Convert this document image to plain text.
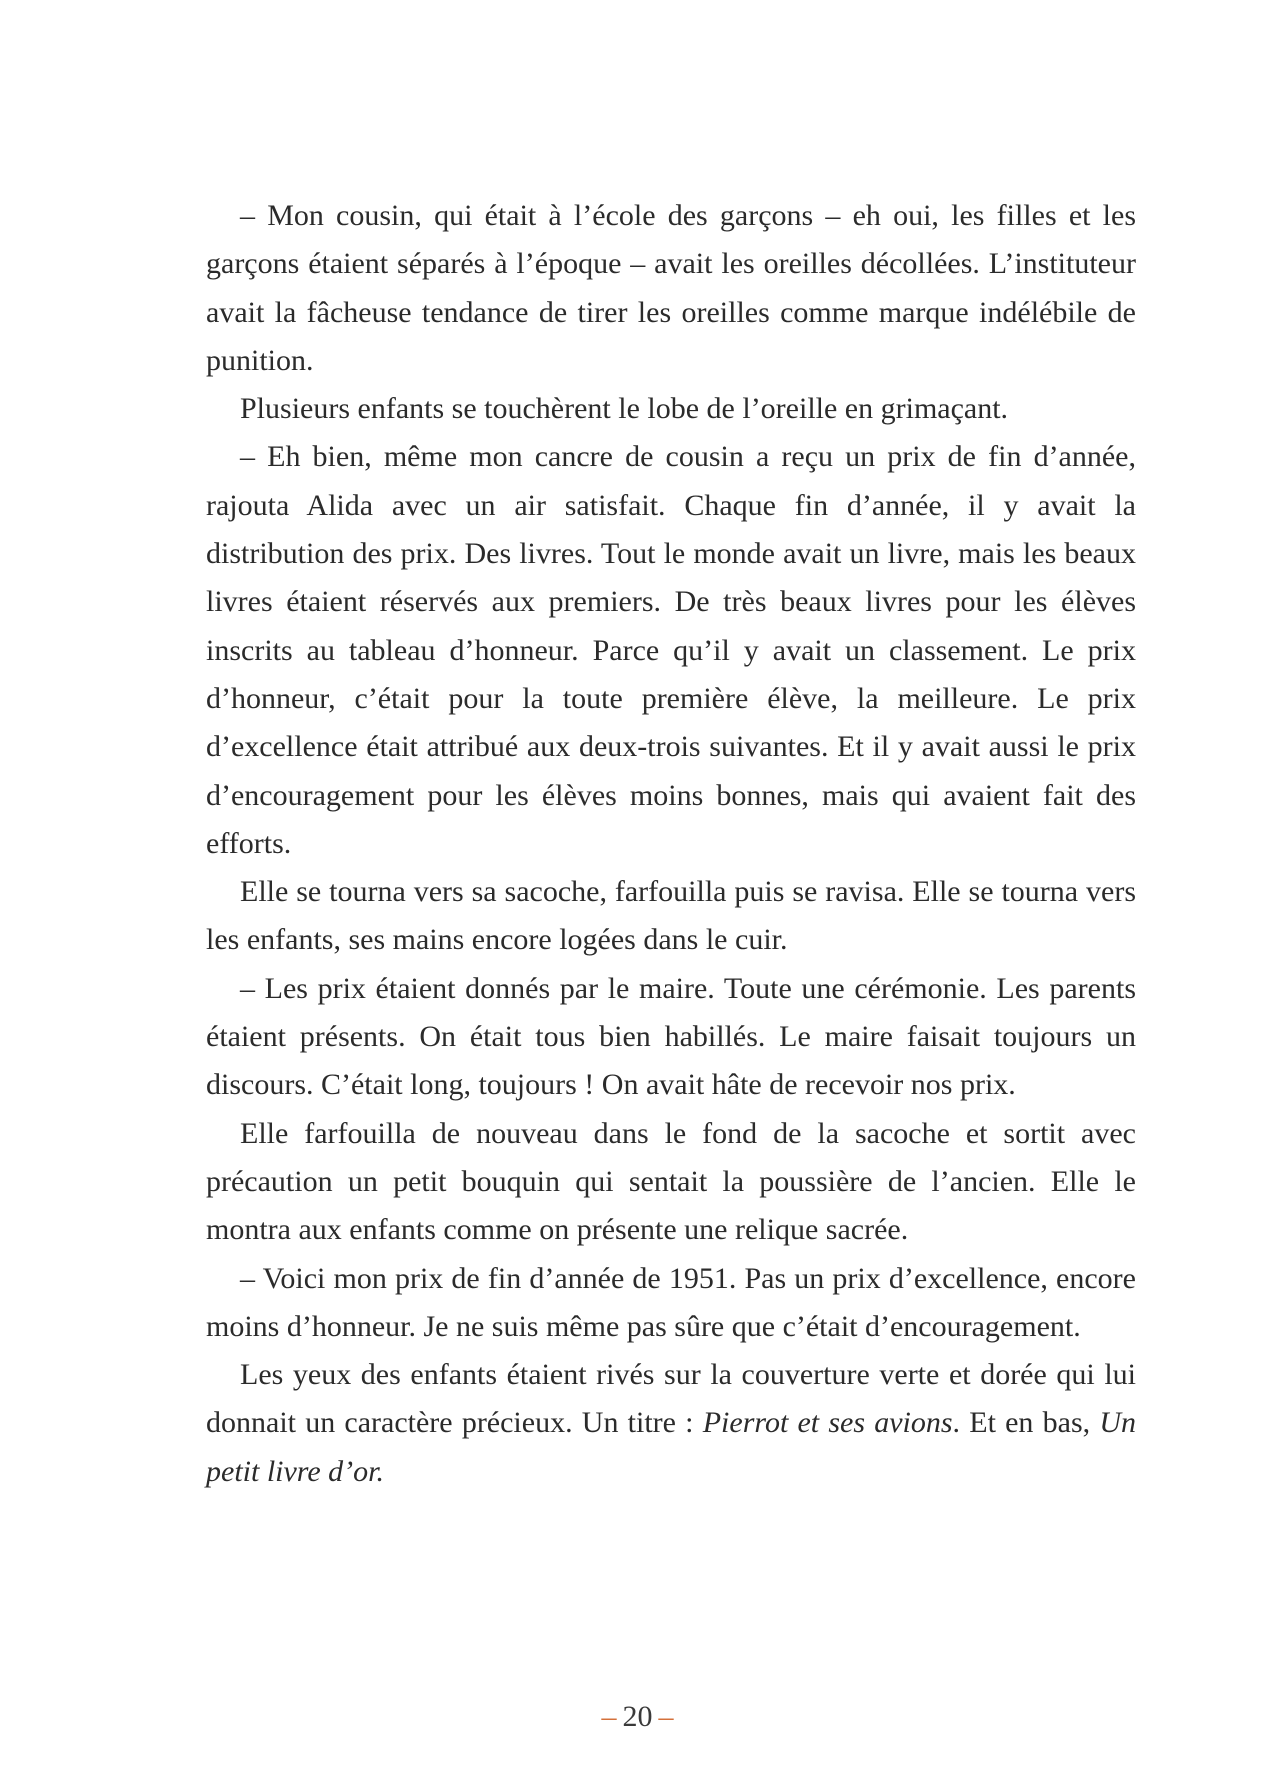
– Mon cousin, qui était à l’école des garçons – eh oui, les filles et les garçons étaient séparés à l’époque – avait les oreilles décollées. L’instituteur avait la fâcheuse tendance de tirer les oreilles comme marque indélébile de punition.

Plusieurs enfants se touchèrent le lobe de l’oreille en grimaçant.

– Eh bien, même mon cancre de cousin a reçu un prix de fin d’année, rajouta Alida avec un air satisfait. Chaque fin d’année, il y avait la distribution des prix. Des livres. Tout le monde avait un livre, mais les beaux livres étaient réservés aux premiers. De très beaux livres pour les élèves inscrits au tableau d’honneur. Parce qu’il y avait un classement. Le prix d’honneur, c’était pour la toute première élève, la meilleure. Le prix d’excellence était attribué aux deux-trois suivantes. Et il y avait aussi le prix d’encouragement pour les élèves moins bonnes, mais qui avaient fait des efforts.

Elle se tourna vers sa sacoche, farfouilla puis se ravisa. Elle se tourna vers les enfants, ses mains encore logées dans le cuir.

– Les prix étaient donnés par le maire. Toute une cérémonie. Les parents étaient présents. On était tous bien habillés. Le maire faisait toujours un discours. C’était long, toujours ! On avait hâte de recevoir nos prix.

Elle farfouilla de nouveau dans le fond de la sacoche et sortit avec précaution un petit bouquin qui sentait la poussière de l’ancien. Elle le montra aux enfants comme on présente une relique sacrée.

– Voici mon prix de fin d’année de 1951. Pas un prix d’excellence, encore moins d’honneur. Je ne suis même pas sûre que c’était d’encouragement.

Les yeux des enfants étaient rivés sur la couverture verte et dorée qui lui donnait un caractère précieux. Un titre : Pierrot et ses avions. Et en bas, Un petit livre d’or.

– 20 –
